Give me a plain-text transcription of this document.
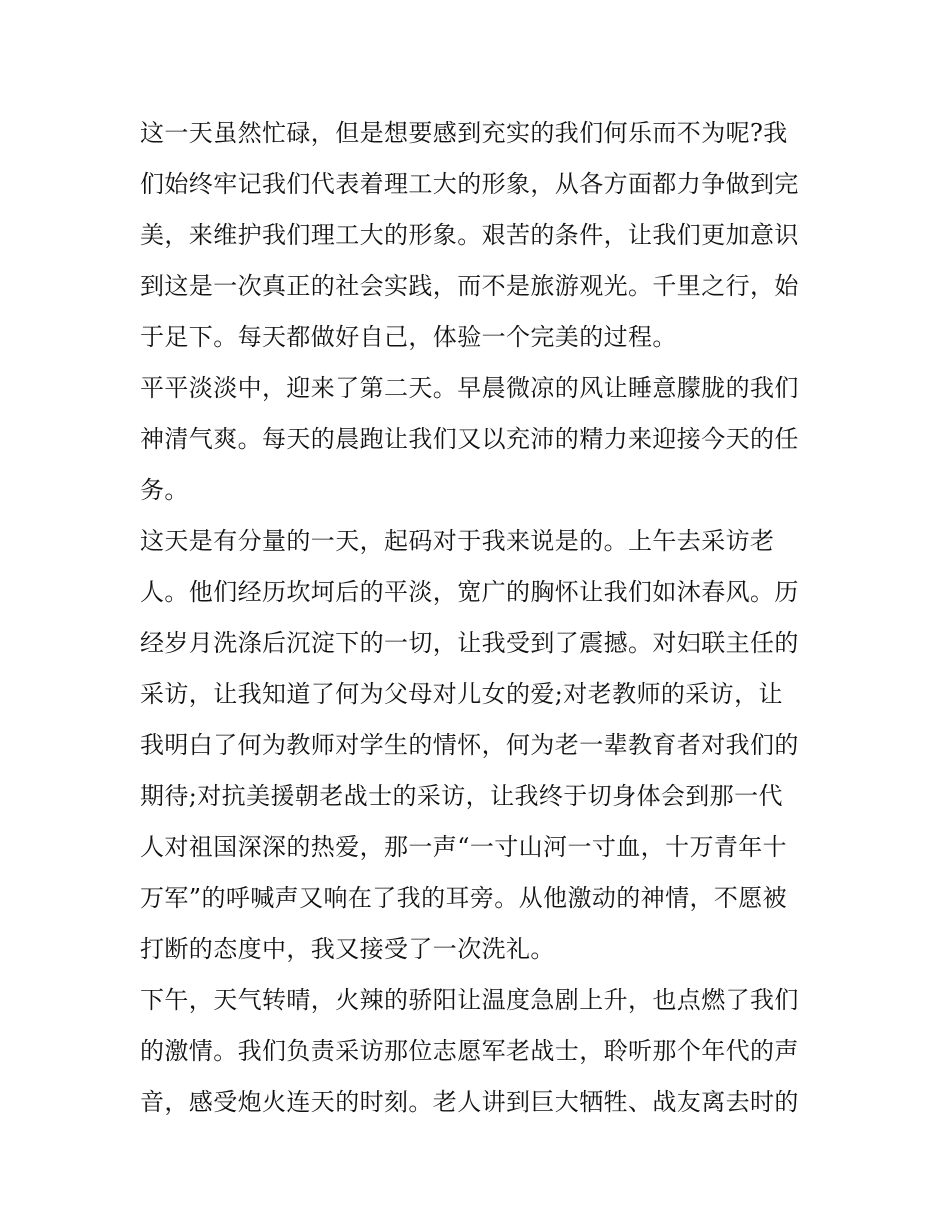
这一天虽然忙碌，但是想要感到充实的我们何乐而不为呢?我
们始终牢记我们代表着理工大的形象，从各方面都力争做到完
美，来维护我们理工大的形象。艰苦的条件，让我们更加意识
到这是一次真正的社会实践，而不是旅游观光。千里之行，始
于足下。每天都做好自己，体验一个完美的过程。
平平淡淡中，迎来了第二天。早晨微凉的风让睡意朦胧的我们
神清气爽。每天的晨跑让我们又以充沛的精力来迎接今天的任
务。
这天是有分量的一天，起码对于我来说是的。上午去采访老
人。他们经历坎坷后的平淡，宽广的胸怀让我们如沐春风。历
经岁月洗涤后沉淀下的一切，让我受到了震撼。对妇联主任的
采访，让我知道了何为父母对儿女的爱;对老教师的采访，让
我明白了何为教师对学生的情怀，何为老一辈教育者对我们的
期待;对抗美援朝老战士的采访，让我终于切身体会到那一代
人对祖国深深的热爱，那一声“一寸山河一寸血，十万青年十
万军”的呼喊声又响在了我的耳旁。从他激动的神情，不愿被
打断的态度中，我又接受了一次洗礼。
下午，天气转晴，火辣的骄阳让温度急剧上升，也点燃了我们
的激情。我们负责采访那位志愿军老战士，聆听那个年代的声
音，感受炮火连天的时刻。老人讲到巨大牺牲、战友离去时的
